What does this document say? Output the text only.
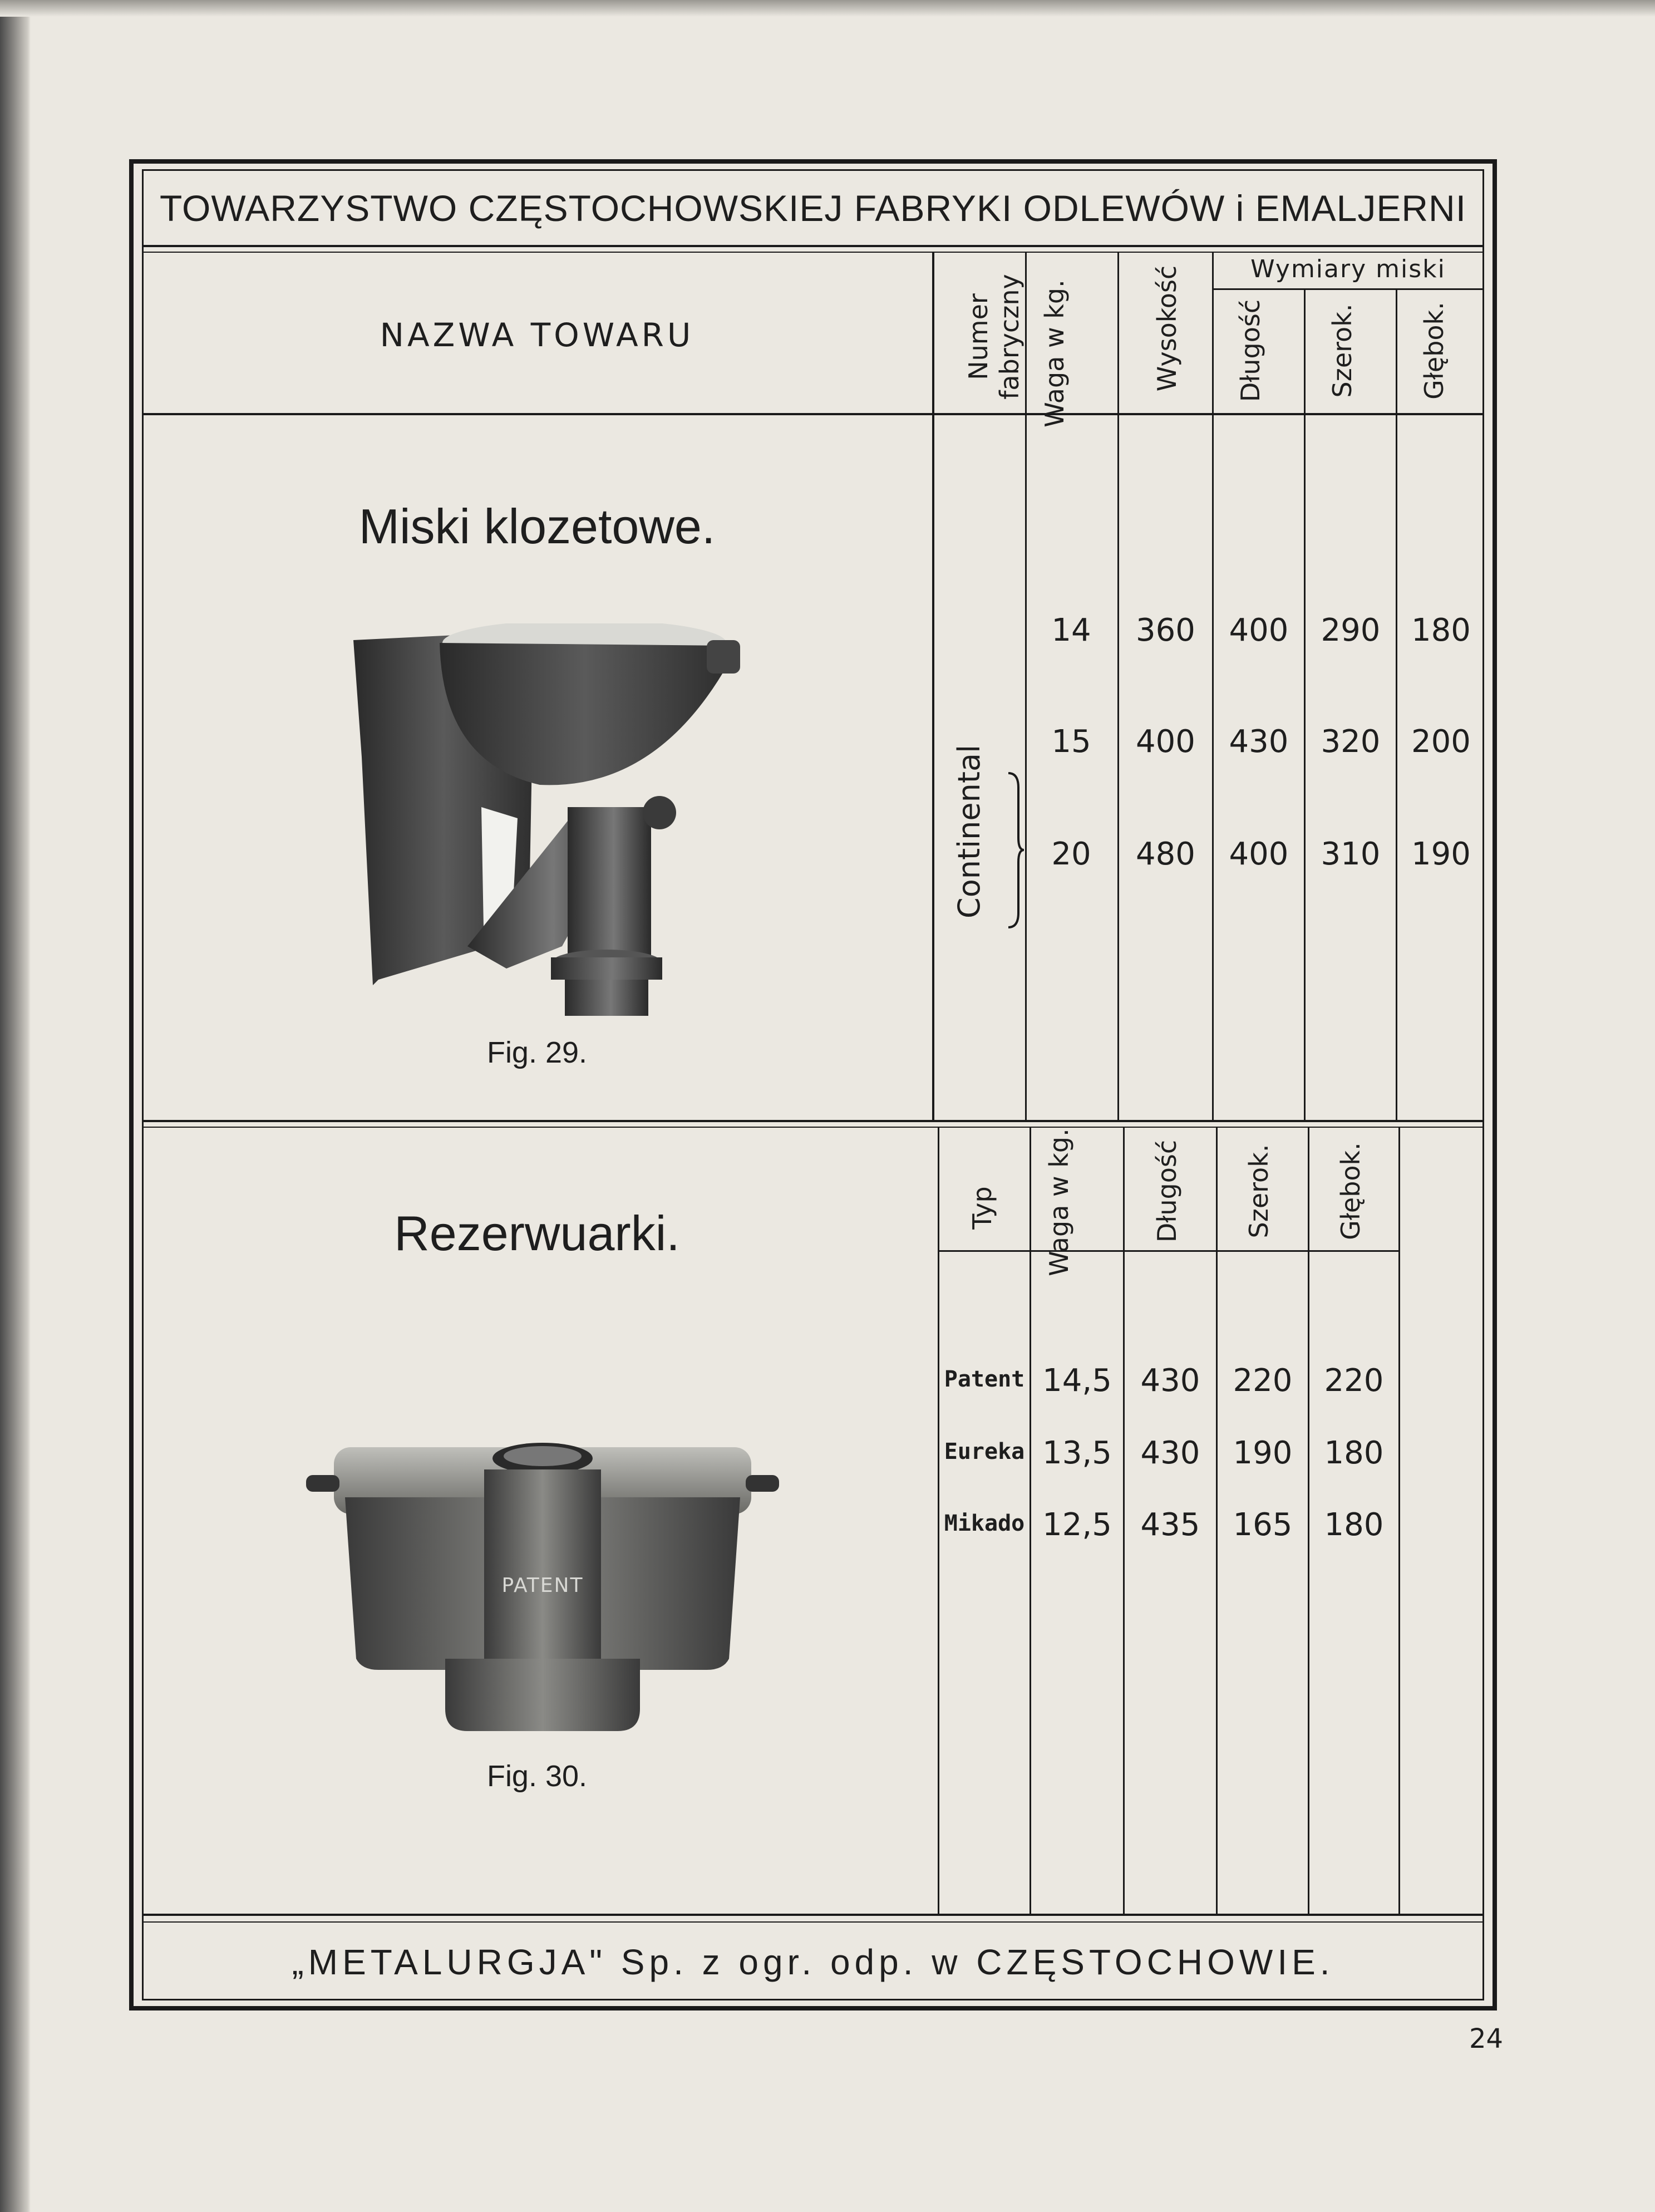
TOWARZYSTWO CZĘSTOCHOWSKIEJ FABRYKI ODLEWÓW i EMALJERNI
NAZWA TOWARU	Numer fabryczny Waga w kg.	Wysokość	Wymiary miski
Długość Szerok. Głębok.
Miski klozetowe.
Fig. 29.
Continental
14	360	400	290 180
15	400	430	320 200
20	480	400	310 190
Typ Waga w kg.	Długość Szerok. Głębok.
Rezerwuarki.
PATENT
Fig. 30.
Patent 14,5 430	220	220
Eureka 13,5 430	190	180
Mikado 12,5 435	165	180
„METALURGJA" Sp. z ogr. odp. w CZĘSTOCHOWIE.
24
